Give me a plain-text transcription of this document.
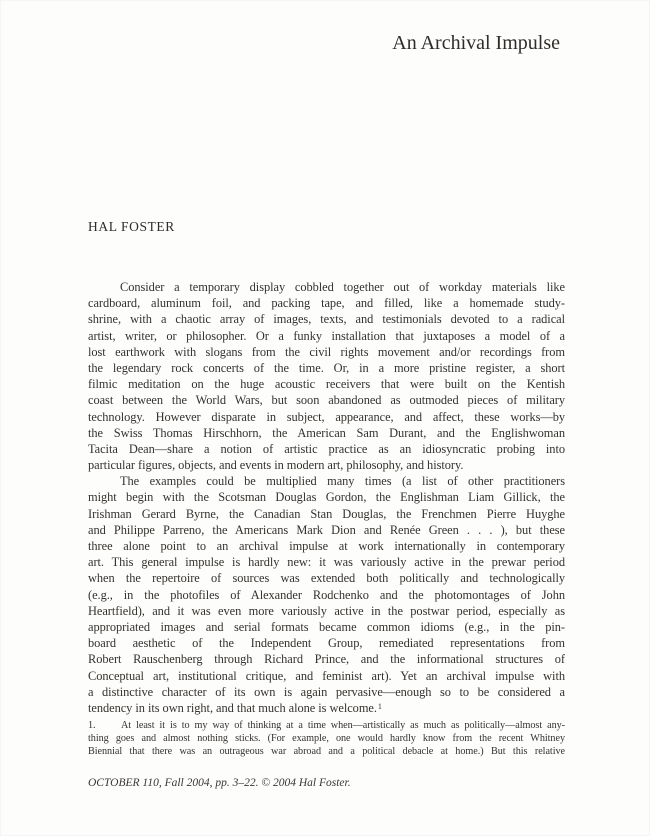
An Archival Impulse
HAL FOSTER
Consider a temporary display cobbled together out of workday materials like
cardboard, aluminum foil, and packing tape, and filled, like a homemade study-
shrine, with a chaotic array of images, texts, and testimonials devoted to a radical
artist, writer, or philosopher. Or a funky installation that juxtaposes a model of a
lost earthwork with slogans from the civil rights movement and/or recordings from
the legendary rock concerts of the time. Or, in a more pristine register, a short
filmic meditation on the huge acoustic receivers that were built on the Kentish
coast between the World Wars, but soon abandoned as outmoded pieces of military
technology. However disparate in subject, appearance, and affect, these works—by
the Swiss Thomas Hirschhorn, the American Sam Durant, and the Englishwoman
Tacita Dean—share a notion of artistic practice as an idiosyncratic probing into
particular figures, objects, and events in modern art, philosophy, and history.
The examples could be multiplied many times (a list of other practitioners
might begin with the Scotsman Douglas Gordon, the Englishman Liam Gillick, the
Irishman Gerard Byrne, the Canadian Stan Douglas, the Frenchmen Pierre Huyghe
and Philippe Parreno, the Americans Mark Dion and Renée Green . . . ), but these
three alone point to an archival impulse at work internationally in contemporary
art. This general impulse is hardly new: it was variously active in the prewar period
when the repertoire of sources was extended both politically and technologically
(e.g., in the photofiles of Alexander Rodchenko and the photomontages of John
Heartfield), and it was even more variously active in the postwar period, especially as
appropriated images and serial formats became common idioms (e.g., in the pin-
board aesthetic of the Independent Group, remediated representations from
Robert Rauschenberg through Richard Prince, and the informational structures of
Conceptual art, institutional critique, and feminist art). Yet an archival impulse with
a distinctive character of its own is again pervasive—enough so to be considered a
tendency in its own right, and that much alone is welcome.$^1$
1. At least it is to my way of thinking at a time when—artistically as much as politically—almost any-
thing goes and almost nothing sticks. (For example, one would hardly know from the recent Whitney
Biennial that there was an outrageous war abroad and a political debacle at home.) But this relative
OCTOBER 110, Fall 2004, pp. 3–22. © 2004 Hal Foster.
